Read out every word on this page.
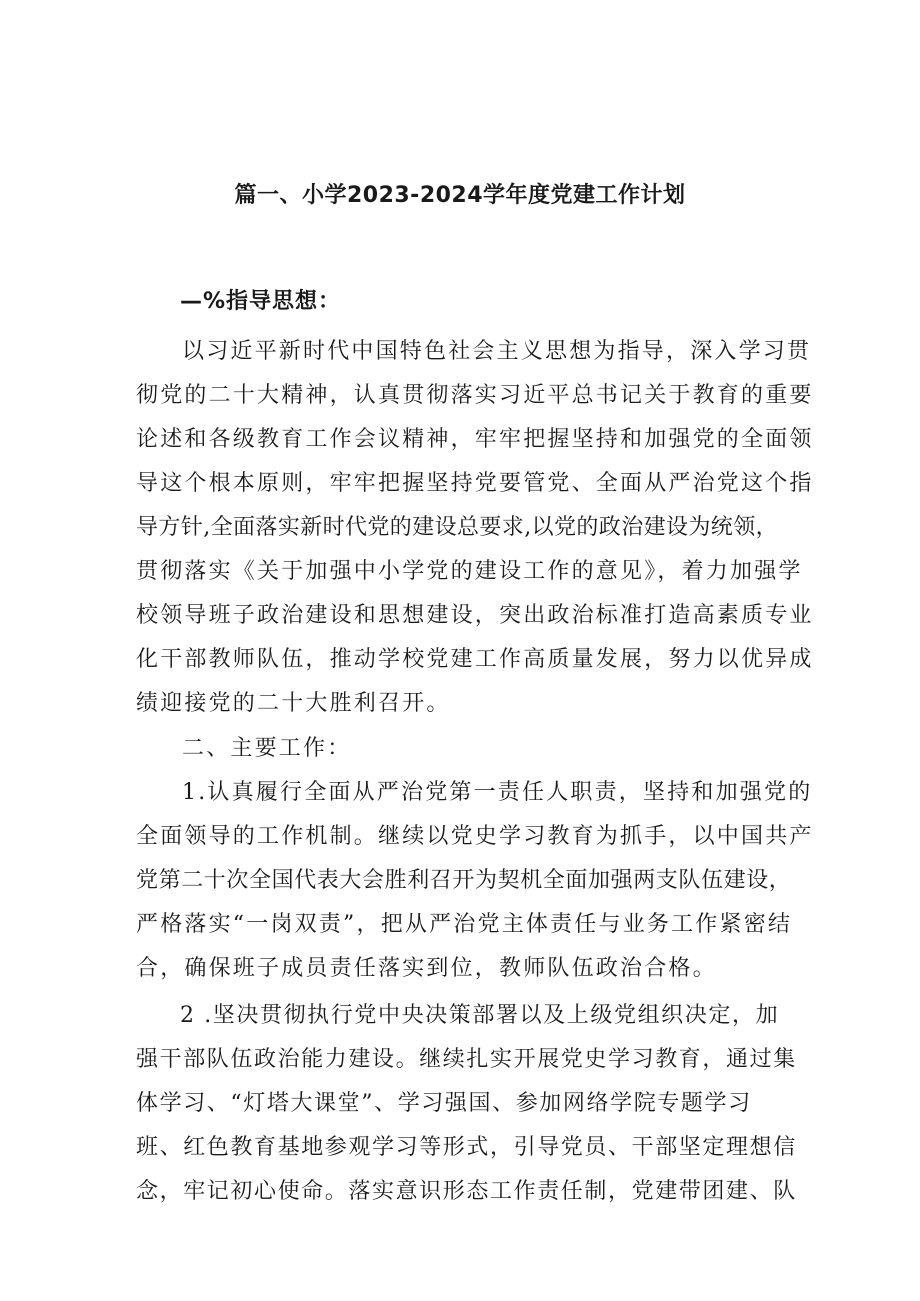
篇一、小学2023-2024学年度党建工作计划
—%指导思想：
以习近平新时代中国特色社会主义思想为指导，深入学习贯
彻党的二十大精神，认真贯彻落实习近平总书记关于教育的重要
论述和各级教育工作会议精神，牢牢把握坚持和加强党的全面领
导这个根本原则，牢牢把握坚持党要管党、全面从严治党这个指
导方针,全面落实新时代党的建设总要求,以党的政治建设为统领，
贯彻落实《关于加强中小学党的建设工作的意见》，着力加强学
校领导班子政治建设和思想建设，突出政治标准打造高素质专业
化干部教师队伍，推动学校党建工作高质量发展，努力以优异成
绩迎接党的二十大胜利召开。
二、主要工作：
1.认真履行全面从严治党第一责任人职责，坚持和加强党的
全面领导的工作机制。继续以党史学习教育为抓手，以中国共产
党第二十次全国代表大会胜利召开为契机全面加强两支队伍建设，
严格落实“一岗双责”，把从严治党主体责任与业务工作紧密结
合，确保班子成员责任落实到位，教师队伍政治合格。
2 .坚决贯彻执行党中央决策部署以及上级党组织决定，加
强干部队伍政治能力建设。继续扎实开展党史学习教育，通过集
体学习、“灯塔大课堂”、学习强国、参加网络学院专题学习
班、红色教育基地参观学习等形式，引导党员、干部坚定理想信
念，牢记初心使命。落实意识形态工作责任制，党建带团建、队
